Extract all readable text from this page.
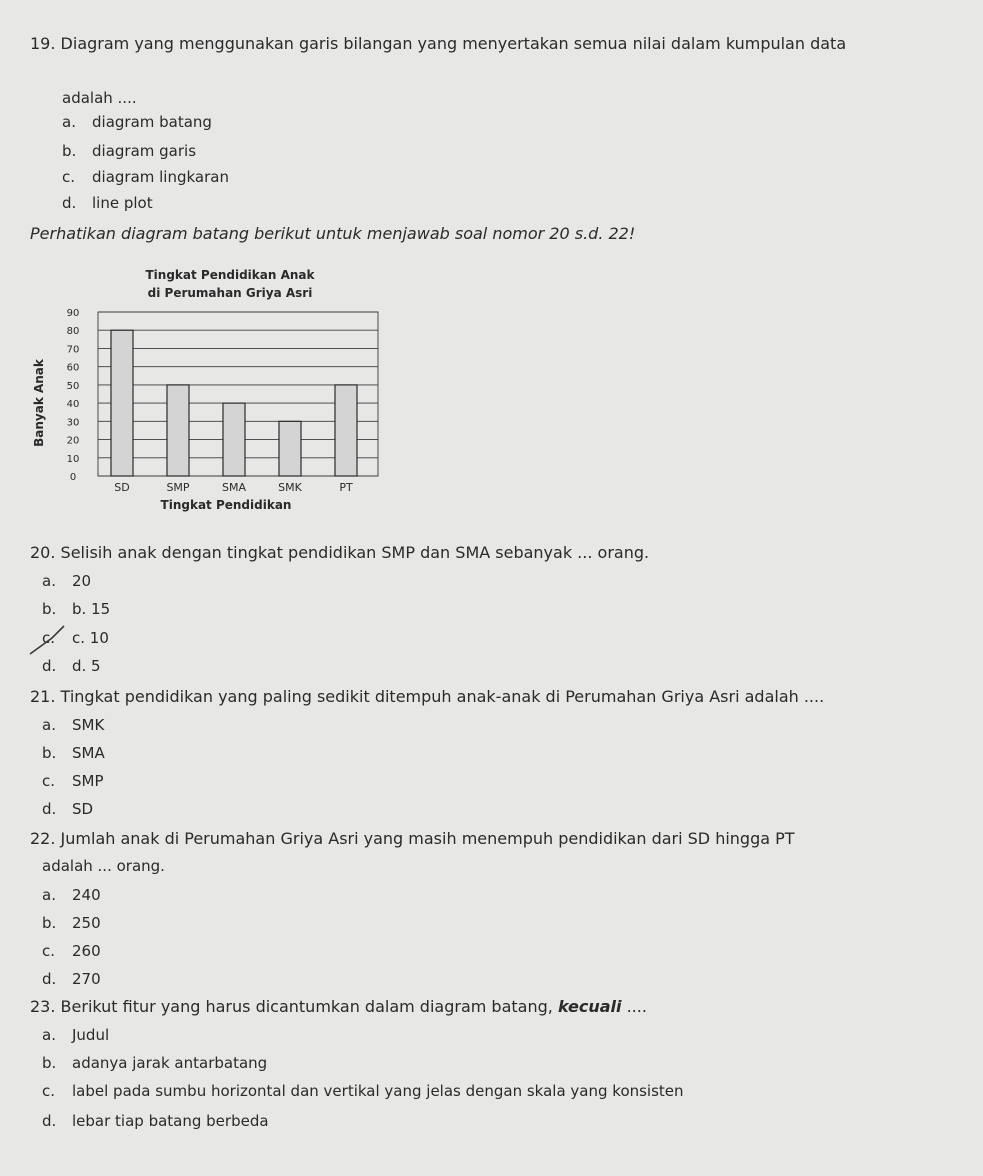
19. Diagram yang menggunakan garis bilangan yang menyertakan semua nilai dalam kumpulan data
adalah ....
a. diagram batang
b. diagram garis
c. diagram lingkaran
d. line plot
Perhatikan diagram batang berikut untuk menjawab soal nomor 20 s.d. 22!
Tingkat Pendidikan Anak
di Perumahan Griya Asri
0
10
20
30
40
50
60
70
80
90
SD	SMP	SMA	SMK	PT
Banyak Anak
Tingkat Pendidikan
20. Selisih anak dengan tingkat pendidikan SMP dan SMA sebanyak ... orang.
a. 20
b. b. 15
c. c. 10
d. d. 5
21. Tingkat pendidikan yang paling sedikit ditempuh anak-anak di Perumahan Griya Asri adalah ....
a. SMK
b. SMA
c. SMP
d. SD
22. Jumlah anak di Perumahan Griya Asri yang masih menempuh pendidikan dari SD hingga PT
adalah ... orang.
a. 240
b. 250
c. 260
d. 270
23. Berikut fitur yang harus dicantumkan dalam diagram batang, kecuali ....
a. Judul
b. adanya jarak antarbatang
c. label pada sumbu horizontal dan vertikal yang jelas dengan skala yang konsisten
d. lebar tiap batang berbeda
